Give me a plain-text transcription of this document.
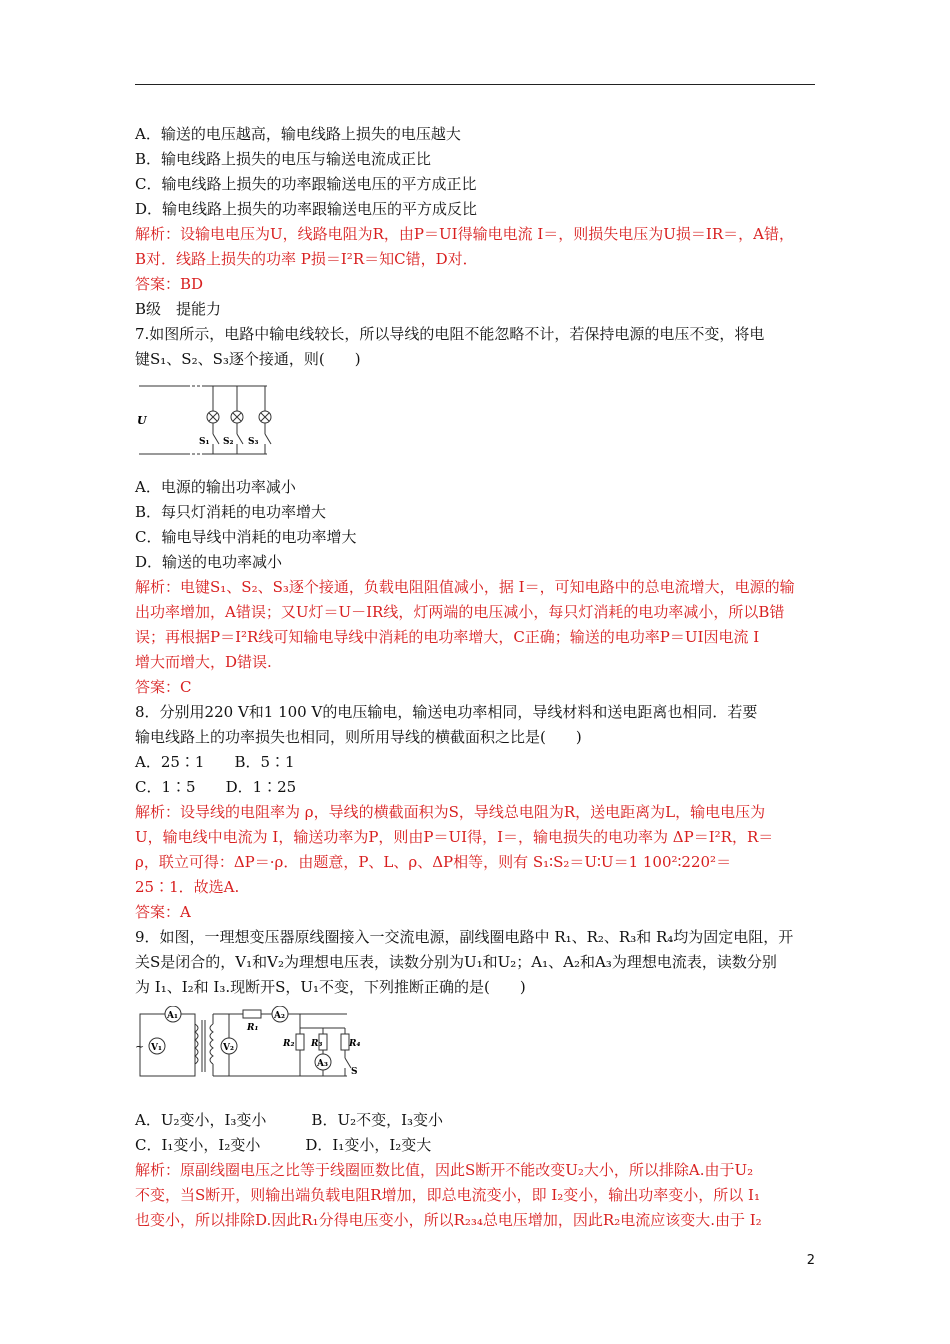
A．输送的电压越高，输电线路上损失的电压越大
B．输电线路上损失的电压与输送电流成正比
C．输电线路上损失的功率跟输送电压的平方成正比
D．输电线路上损失的功率跟输送电压的平方成反比
解析：设输电电压为U，线路电阻为R，由P＝UI得输电电流 I＝，则损失电压为U损＝IR＝，A错，
B对．线路上损失的功率 P损＝I²R＝知C错，D对．
答案：BD
B级　提能力
7.如图所示，电路中输电线较长，所以导线的电阻不能忽略不计，若保持电源的电压不变，将电
键S₁、S₂、S₃逐个接通，则(　　)
U
S₁ S₂ S₃
A．电源的输出功率减小
B．每只灯消耗的电功率增大
C．输电导线中消耗的电功率增大
D．输送的电功率减小
解析：电键S₁、S₂、S₃逐个接通，负载电阻阻值减小，据 I＝，可知电路中的总电流增大，电源的输
出功率增加，A错误；又U灯＝U－IR线，灯两端的电压减小，每只灯消耗的电功率减小，所以B错
误；再根据P＝I²R线可知输电导线中消耗的电功率增大，C正确；输送的电功率P＝UI因电流 I
增大而增大，D错误.
答案：C
8．分别用220 V和1 100 V的电压输电，输送电功率相同，导线材料和送电距离也相同．若要
输电线路上的功率损失也相同，则所用导线的横截面积之比是(　　)
A．25∶1　　B．5∶1
C．1∶5　　D．1∶25
解析：设导线的电阻率为 ρ，导线的横截面积为S，导线总电阻为R，送电距离为L，输电电压为
U，输电线中电流为 I，输送功率为P，则由P＝UI得，I＝，输电损失的电功率为 ΔP＝I²R，R＝
ρ，联立可得：ΔP＝·ρ．由题意，P、L、ρ、ΔP相等，则有 S₁∶S₂＝U∶U＝1 100²∶220²＝
25∶1．故选A.
答案：A
9．如图，一理想变压器原线圈接入一交流电源，副线圈电路中 R₁、R₂、R₃和 R₄均为固定电阻，开
关S是闭合的，V₁和V₂为理想电压表，读数分别为U₁和U₂；A₁、A₂和A₃为理想电流表，读数分别
为 I₁、I₂和 I₃.现断开S，U₁不变，下列推断正确的是(　　)
V₁
A₁
~	V₂
R₁
A₂
R₂ R₃
A₃
R₄
S
A．U₂变小，I₃变小　　　B．U₂不变，I₃变小
C．I₁变小，I₂变小　　　D．I₁变小，I₂变大
解析：原副线圈电压之比等于线圈匝数比值，因此S断开不能改变U₂大小，所以排除A.由于U₂
不变，当S断开，则输出端负载电阻R增加，即总电流变小，即 I₂变小，输出功率变小，所以 I₁
也变小，所以排除D.因此R₁分得电压变小，所以R₂₃₄总电压增加，因此R₂电流应该变大.由于 I₂
2
